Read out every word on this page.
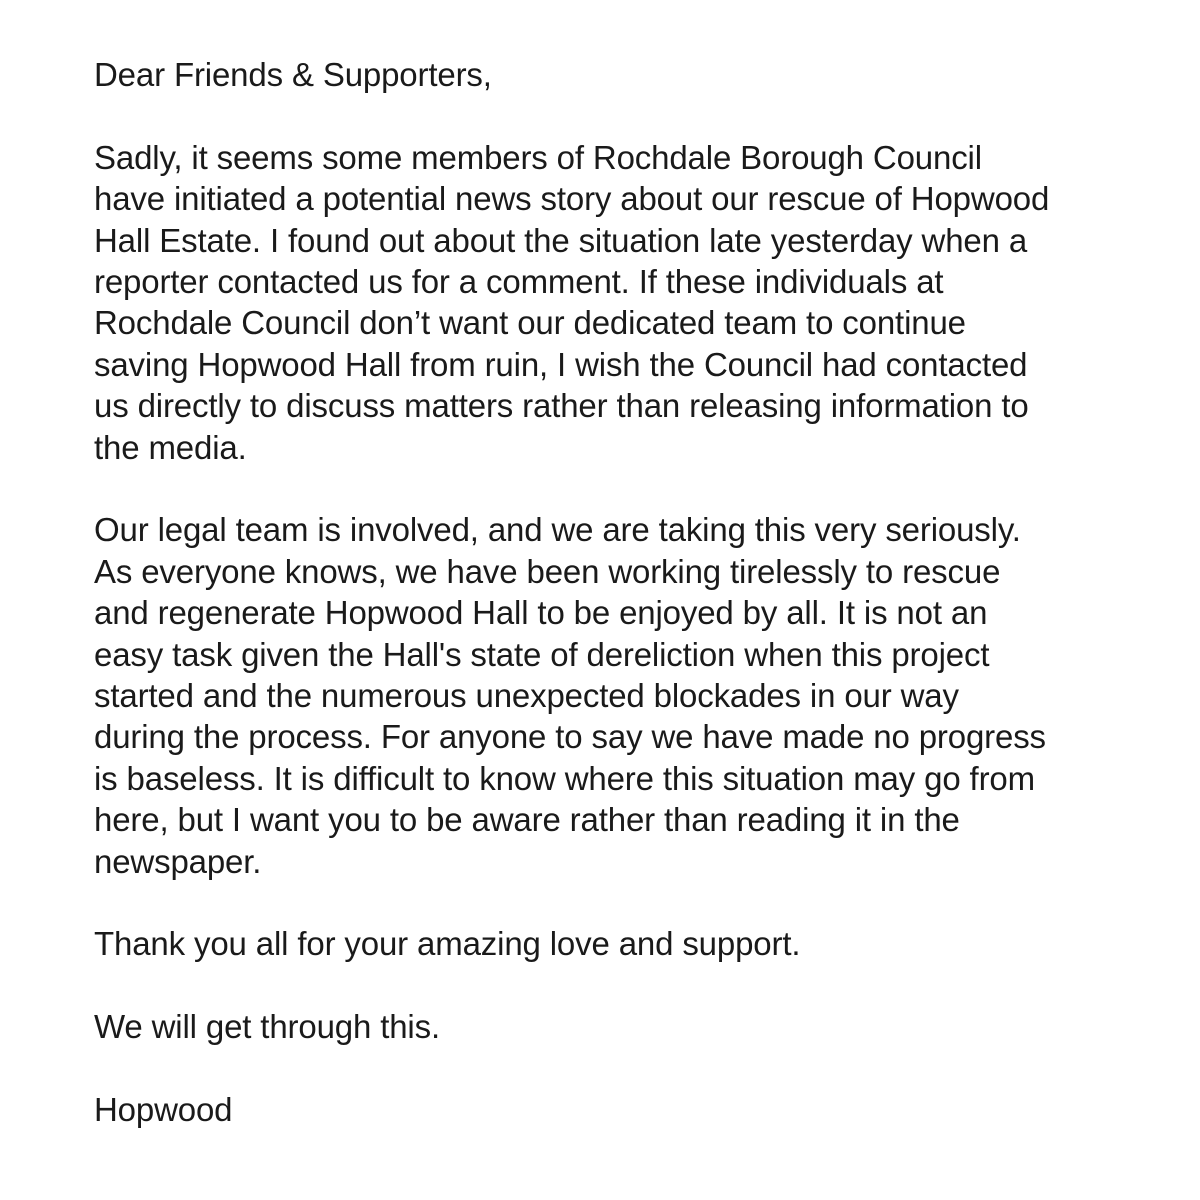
Dear Friends & Supporters,

Sadly, it seems some members of Rochdale Borough Council
have initiated a potential news story about our rescue of Hopwood
Hall Estate. I found out about the situation late yesterday when a
reporter contacted us for a comment. If these individuals at
Rochdale Council don’t want our dedicated team to continue
saving Hopwood Hall from ruin, I wish the Council had contacted
us directly to discuss matters rather than releasing information to
the media.

Our legal team is involved, and we are taking this very seriously.
As everyone knows, we have been working tirelessly to rescue
and regenerate Hopwood Hall to be enjoyed by all. It is not an
easy task given the Hall's state of dereliction when this project
started and the numerous unexpected blockades in our way
during the process. For anyone to say we have made no progress
is baseless. It is difficult to know where this situation may go from
here, but I want you to be aware rather than reading it in the
newspaper.

Thank you all for your amazing love and support.

We will get through this.

Hopwood
